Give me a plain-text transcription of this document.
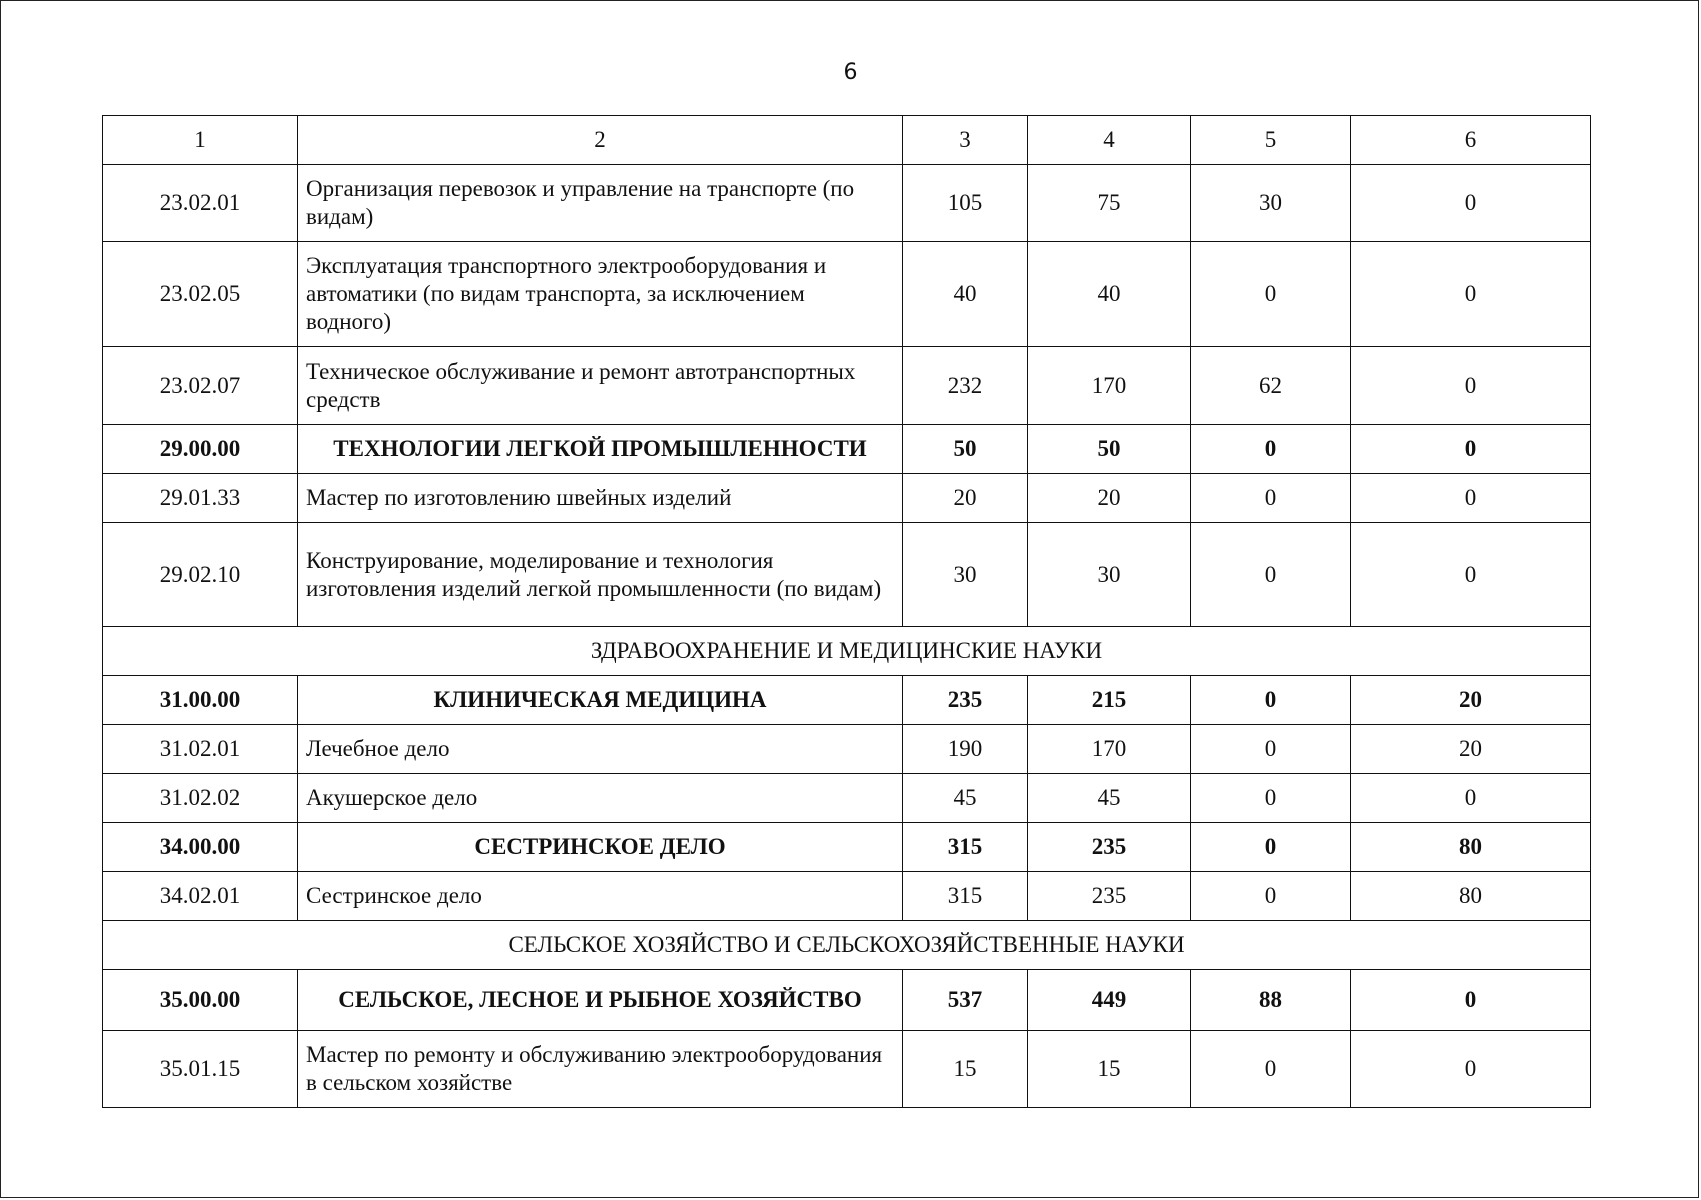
6
1	2	3	4	5	6
23.02.01	Организация перевозок и управление на транспорте (по видам)	105	75	30	0
23.02.05	Эксплуатация транспортного электрооборудования и автоматики (по видам транспорта, за исключением водного)	40	40	0	0
23.02.07	Техническое обслуживание и ремонт автотранспортных средств	232	170	62	0
29.00.00	ТЕХНОЛОГИИ ЛЕГКОЙ ПРОМЫШЛЕННОСТИ	50	50	0	0
29.01.33	Мастер по изготовлению швейных изделий	20	20	0	0
29.02.10	Конструирование, моделирование и технология изготовления изделий легкой промышленности (по видам)	30	30	0	0
ЗДРАВООХРАНЕНИЕ И МЕДИЦИНСКИЕ НАУКИ					
31.00.00	КЛИНИЧЕСКАЯ МЕДИЦИНА	235	215	0	20
31.02.01	Лечебное дело	190	170	0	20
31.02.02	Акушерское дело	45	45	0	0
34.00.00	СЕСТРИНСКОЕ ДЕЛО	315	235	0	80
34.02.01	Сестринское дело	315	235	0	80
СЕЛЬСКОЕ ХОЗЯЙСТВО И СЕЛЬСКОХОЗЯЙСТВЕННЫЕ НАУКИ					
35.00.00	СЕЛЬСКОЕ, ЛЕСНОЕ И РЫБНОЕ ХОЗЯЙСТВО	537	449	88	0
35.01.15	Мастер по ремонту и обслуживанию электрооборудования в сельском хозяйстве	15	15	0	0
